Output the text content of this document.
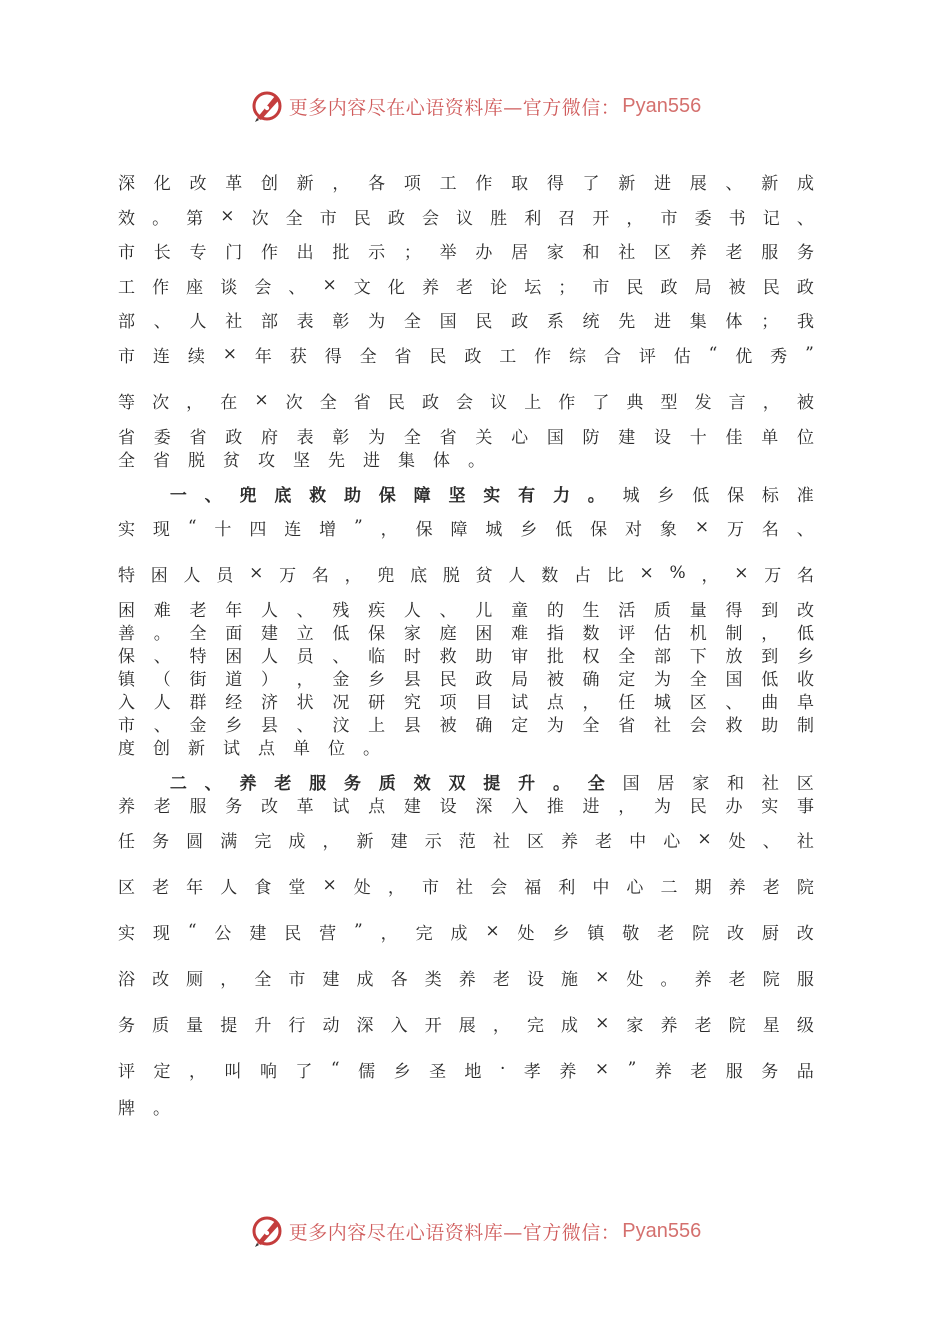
更多内容尽在心语资料库—官方微信： Pyan556
深 化 改 革 创 新 ， 各 项 工 作 取 得 了 新 进 展 、 新 成
效 。 第 × 次 全 市 民 政 会 议 胜 利 召 开 ， 市 委 书 记 、
市 长 专 门 作 出 批 示 ； 举 办 居 家 和 社 区 养 老 服 务
工 作 座 谈 会 、 × 文 化 养 老 论 坛 ； 市 民 政 局 被 民 政
部 、 人 社 部 表 彰 为 全 国 民 政 系 统 先 进 集 体 ； 我
市 连 续 × 年 获 得 全 省 民 政 工 作 综 合 评 估 “ 优 秀 ”
等 次 ， 在 × 次 全 省 民 政 会 议 上 作 了 典 型 发 言 ， 被
省 委 省 政 府 表 彰 为 全 省 关 心 国 防 建 设 十 佳 单 位
全 省 脱 贫 攻 坚 先 进 集 体 。
一 、 兜 底 救 助 保 障 坚 实 有 力 。 城 乡 低 保 标 准
实 现 “ 十 四 连 增 ” ， 保 障 城 乡 低 保 对 象 × 万 名 、
特 困 人 员 × 万 名 ， 兜 底 脱 贫 人 数 占 比 × % ， × 万 名
困 难 老 年 人 、 残 疾 人 、 儿 童 的 生 活 质 量 得 到 改
善 。 全 面 建 立 低 保 家 庭 困 难 指 数 评 估 机 制 ， 低
保 、 特 困 人 员 、 临 时 救 助 审 批 权 全 部 下 放 到 乡
镇 （ 街 道 ） ， 金 乡 县 民 政 局 被 确 定 为 全 国 低 收
入 人 群 经 济 状 况 研 究 项 目 试 点 ， 任 城 区 、 曲 阜
市 、 金 乡 县 、 汶 上 县 被 确 定 为 全 省 社 会 救 助 制
度 创 新 试 点 单 位 。
二 、 养 老 服 务 质 效 双 提 升 。 全 国 居 家 和 社 区
养 老 服 务 改 革 试 点 建 设 深 入 推 进 ， 为 民 办 实 事
任 务 圆 满 完 成 ， 新 建 示 范 社 区 养 老 中 心 × 处 、 社
区 老 年 人 食 堂 × 处 ， 市 社 会 福 利 中 心 二 期 养 老 院
实 现 “ 公 建 民 营 ” ， 完 成 × 处 乡 镇 敬 老 院 改 厨 改
浴 改 厕 ， 全 市 建 成 各 类 养 老 设 施 × 处 。 养 老 院 服
务 质 量 提 升 行 动 深 入 开 展 ， 完 成 × 家 养 老 院 星 级
评 定 ， 叫 响 了 “ 儒 乡 圣 地 · 孝 养 × ” 养 老 服 务 品
牌 。
更多内容尽在心语资料库—官方微信： Pyan556
